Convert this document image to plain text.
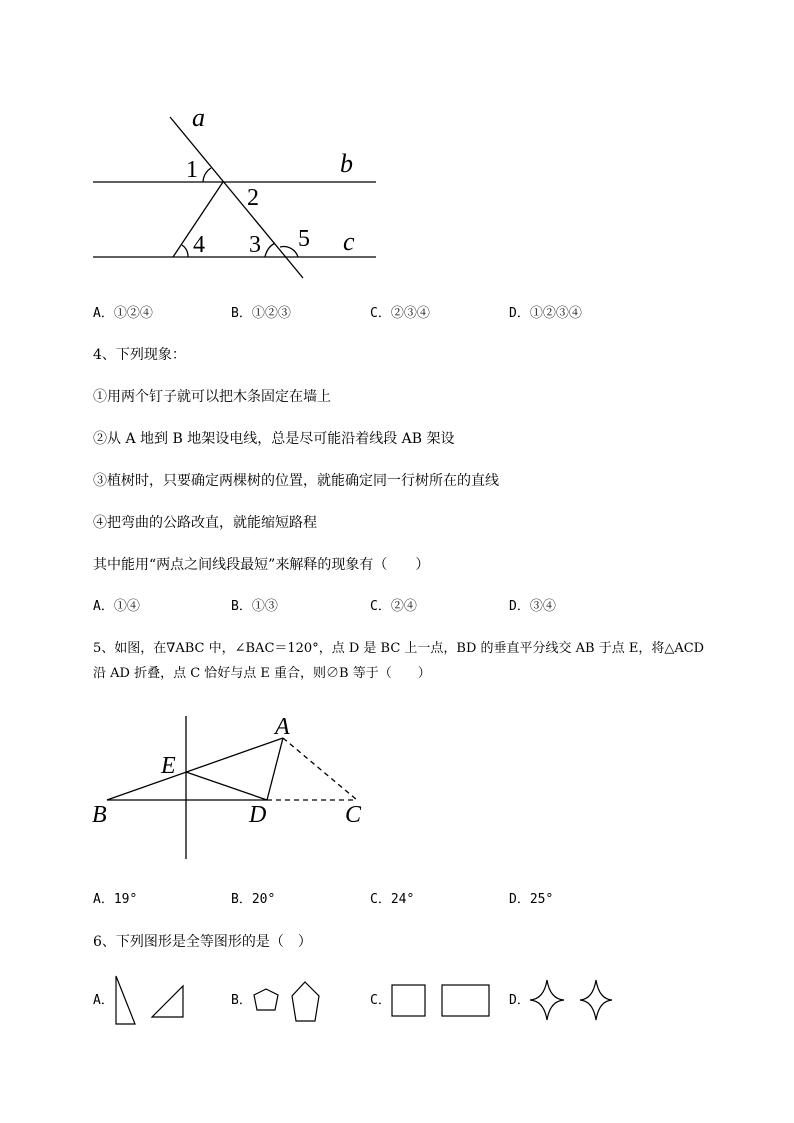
a
b
c
1
2
3
4	5
A．①②④	B．①②③	C．②③④	D．①②③④
4、下列现象：
①用两个钉子就可以把木条固定在墙上
②从 A 地到 B 地架设电线，总是尽可能沿着线段 AB 架设
③植树时，只要确定两棵树的位置，就能确定同一行树所在的直线
④把弯曲的公路改直，就能缩短路程
其中能用“两点之间线段最短”来解释的现象有（　　）
A．①④	B．①③	C．②④	D．③④
5、如图，在∇ABC 中，∠BAC＝120°，点 D 是 BC 上一点，BD 的垂直平分线交 AB 于点 E，将△ACD
沿 AD 折叠，点 C 恰好与点 E 重合，则∅B 等于（　　）
A
B	C
D
E
A．19°	B．20°	C．24°	D．25°
6、下列图形是全等图形的是（　）
A．	B．	C．	D．
